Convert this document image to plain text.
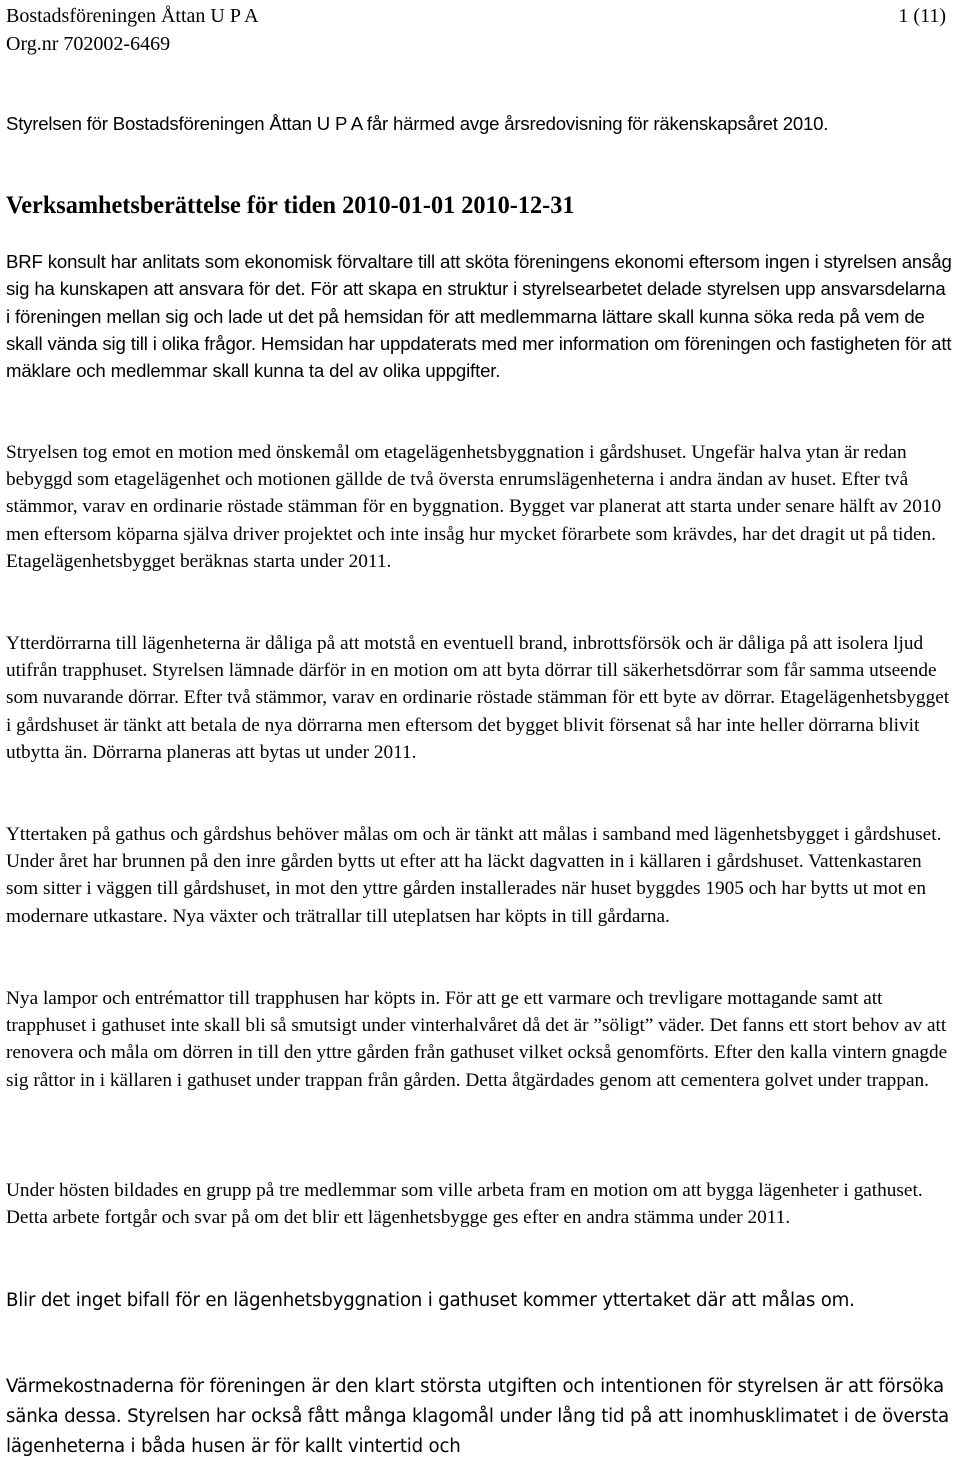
Bostadsföreningen Åttan U P A
Org.nr 702002-6469
1 (11)

Styrelsen för Bostadsföreningen Åttan U P A får härmed avge årsredovisning för räkenskapsåret 2010.

Verksamhetsberättelse för tiden 2010-01-01 2010-12-31

BRF konsult har anlitats som ekonomisk förvaltare till att sköta föreningens ekonomi eftersom ingen i styrelsen ansåg sig ha kunskapen att ansvara för det. För att skapa en struktur i styrelsearbetet delade styrelsen upp ansvarsdelarna i föreningen mellan sig och lade ut det på hemsidan för att medlemmarna lättare skall kunna söka reda på vem de skall vända sig till i olika frågor. Hemsidan har uppdaterats med mer information om föreningen och fastigheten för att mäklare och medlemmar skall kunna ta del av olika uppgifter.

Stryelsen tog emot en motion med önskemål om etagelägenhetsbyggnation i gårdshuset. Ungefär halva ytan är redan bebyggd som etagelägenhet och motionen gällde de två översta enrumslägenheterna i andra ändan av huset. Efter två stämmor, varav en ordinarie röstade stämman för en byggnation. Bygget var planerat att starta under senare hälft av 2010 men eftersom köparna själva driver projektet och inte insåg hur mycket förarbete som krävdes, har det dragit ut på tiden. Etagelägenhetsbygget beräknas starta under 2011.

Ytterdörrarna till lägenheterna är dåliga på att motstå en eventuell brand, inbrottsförsök och är dåliga på att isolera ljud utifrån trapphuset. Styrelsen lämnade därför in en motion om att byta dörrar till säkerhetsdörrar som får samma utseende som nuvarande dörrar. Efter två stämmor, varav en ordinarie röstade stämman för ett byte av dörrar. Etagelägenhetsbygget i gårdshuset är tänkt att betala de nya dörrarna men eftersom det bygget blivit försenat så har inte heller dörrarna blivit utbytta än. Dörrarna planeras att bytas ut under 2011.

Yttertaken på gathus och gårdshus behöver målas om och är tänkt att målas i samband med lägenhetsbygget i gårdshuset. Under året har brunnen på den inre gården bytts ut efter att ha läckt dagvatten in i källaren i gårdshuset. Vattenkastaren som sitter i väggen till gårdshuset, in mot den yttre gården installerades när huset byggdes 1905 och har bytts ut mot en modernare utkastare. Nya växter och trätrallar till uteplatsen har köpts in till gårdarna.

Nya lampor och entrémattor till trapphusen har köpts in. För att ge ett varmare och trevligare mottagande samt att trapphuset i gathuset inte skall bli så smutsigt under vinterhalvåret då det är ”söligt” väder. Det fanns ett stort behov av att renovera och måla om dörren in till den yttre gården från gathuset vilket också genomförts. Efter den kalla vintern gnagde sig råttor in i källaren i gathuset under trappan från gården. Detta åtgärdades genom att cementera golvet under trappan.

Under hösten bildades en grupp på tre medlemmar som ville arbeta fram en motion om att bygga lägenheter i gathuset. Detta arbete fortgår och svar på om det blir ett lägenhetsbygge ges efter en andra stämma under 2011.

Blir det inget bifall för en lägenhetsbyggnation i gathuset kommer yttertaket där att målas om.

Värmekostnaderna för föreningen är den klart största utgiften och intentionen för styrelsen är att försöka sänka dessa. Styrelsen har också fått många klagomål under lång tid på att inomhusklimatet i de översta lägenheterna i båda husen är för kallt vintertid och
